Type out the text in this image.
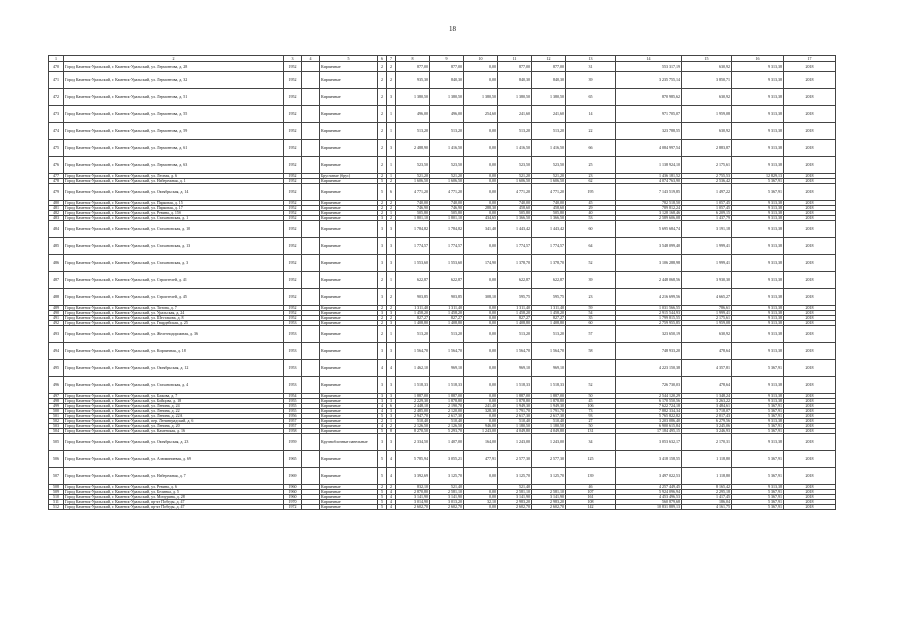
18
1	2	3	4	5	6	7	8	9	10	11	12	13	14	15	16	17
470	Город Каменск-Уральский, г. Каменск-Уральский, ул. Лермонтова, д. 28	1952		Кирпичные	2	2	877,00	877,00	0,00	877,00	877,00	31	553 317,19	630,92	9 313,38	2018
471	Город Каменск-Уральский, г. Каменск-Уральский, ул. Лермонтова, д. 32	1952		Кирпичные	2	2	935,30	840,30	0,00	840,30	840,30	39	3 235 755,14	3 850,71	9 313,38	2018
472	Город Каменск-Уральский, г. Каменск-Уральский, ул. Лермонтова, д. 51	1952		Кирпичные	2	3	1 380,50	1 380,50	1 380,50	1 380,50	1 380,50	65	870 985,62	630,92	9 313,38	2018
473	Город Каменск-Уральский, г. Каменск-Уральский, ул. Лермонтова, д. 55	1952		Кирпичные	2	1	496,00	496,00	254,60	241,60	241,60	14	971 705,07	1 959,08	9 313,38	2018
474	Город Каменск-Уральский, г. Каменск-Уральский, ул. Лермонтова, д. 59	1952		Кирпичные	2	1	513,20	513,20	0,00	513,20	513,20	22	323 788,55	630,92	9 313,38	2018
475	Город Каменск-Уральский, г. Каменск-Уральский, ул. Лермонтова, д. 61	1952		Кирпичные	2	3	2 488,90	1 416,50	0,00	1 416,50	1 416,50	66	4 084 997,54	2 883,87	9 313,38	2018
476	Город Каменск-Уральский, г. Каменск-Уральский, ул. Лермонтова, д. 63	1952		Кирпичные	2	1	523,50	523,50	0,00	523,50	523,50	25	1 138 924,10	2 175,61	9 313,38	2018
477	Город Каменск-Уральский, г. Каменск-Уральский, ул. Лесная, д. 6	1952		Брусчатые (брус)	2	1	521,20	521,20	0,00	521,20	521,20	23	1 436 181,52	2 755,53	12 829,13	2018
478	Город Каменск-Уральский, г. Каменск-Уральский, ул. Набережная, д. 1	1952		Кирпичные	5	2	1 606,50	1 606,50	0,00	1 606,50	1 606,50	62	4 074 763,90	2 536,42	5 367,91	2018
479	Город Каменск-Уральский, г. Каменск-Уральский, ул. Октябрьская, д. 14	1952		Кирпичные	5	6	4 771,20	4 771,20	0,00	4 771,20	4 771,20	195	7 143 519,85	1 497,22	5 367,91	2018
480	Город Каменск-Уральский, г. Каменск-Уральский, ул. Парковая, д. 15	1952		Кирпичные	2	2	740,00	740,00	0,00	740,00	740,00	45	782 518,50	1 057,45	9 313,38	2018
481	Город Каменск-Уральский, г. Каменск-Уральский, ул. Парковая, д. 17	1952		Кирпичные	2	2	746,90	746,90	288,30	458,60	458,60	29	789 812,24	1 057,45	9 313,38	2018
482	Город Каменск-Уральский, г. Каменск-Уральский, ул. Ревина, д. 15б	1952		Кирпичные	2	1	505,80	505,80	0,00	505,80	505,80	40	3 128 168,46	6 209,15	9 313,38	2018
483	Город Каменск-Уральский, г. Каменск-Уральский, ул. Стахановская, д. 1	1952		Кирпичные	3	2	1 801,10	1 801,10	434,65	1 366,50	1 366,50	53	2 589 606,08	1 437,79	9 313,38	2018
484	Город Каменск-Уральский, г. Каменск-Уральский, ул. Стахановская, д. 10	1952		Кирпичные	3	3	1 784,82	1 784,82	341,40	1 443,42	1 443,42	60	5 695 684,74	3 191,18	9 313,38	2018
485	Город Каменск-Уральский, г. Каменск-Уральский, ул. Стахановская, д. 13	1952		Кирпичные	3	3	1 774,57	1 774,57	0,00	1 774,57	1 774,57	64	3 548 099,40	1 999,41	9 313,38	2018
486	Город Каменск-Уральский, г. Каменск-Уральский, ул. Стахановская, д. 3	1952		Кирпичные	3	3	1 553,60	1 553,60	174,90	1 378,70	1 378,70	52	3 106 288,98	1 999,41	9 313,38	2018
487	Город Каменск-Уральский, г. Каменск-Уральский, ул. Строителей, д. 41	1952		Кирпичные	2	1	622,87	622,87	0,00	622,87	622,87	39	2 448 068,56	3 930,30	9 313,38	2018
488	Город Каменск-Уральский, г. Каменск-Уральский, ул. Строителей, д. 45	1952		Кирпичные	3	2	903,85	903,85	308,10	595,75	595,75	23	4 216 699,56	4 665,27	9 313,38	2018
489	Город Каменск-Уральский, г. Каменск-Уральский, ул. Титова, д. 7	1952		Кирпичные	2	2	1 311,40	1 311,40	0,00	1 311,40	1 311,40	59	1 031 566,55	786,61	9 313,38	2018
490	Город Каменск-Уральский, г. Каменск-Уральский, ул. Уральская, д. 24	1952		Кирпичные	3	3	1 458,20	1 458,20	0,00	1 458,20	1 458,20	54	2 915 544,93	1 999,41	9 313,38	2018
491	Город Каменск-Уральский, г. Каменск-Уральский, ул. Шестакова, д. 8	1952		Кирпичные	2	2	827,27	827,27	0,00	827,27	827,27	35	1 799 815,55	2 175,61	9 313,38	2018
492	Город Каменск-Уральский, г. Каменск-Уральский, ул. Гвардейская, д. 25	1953		Кирпичные	2	3	1 408,80	1 408,80	0,00	1 408,80	1 408,80	60	2 759 955,85	1 959,08	9 313,38	2018
493	Город Каменск-Уральский, г. Каменск-Уральский, ул. Железнодорожная, д. 36	1953		Кирпичные	2	1	513,20	513,20	0,00	513,20	513,20	57	323 650,19	630,92	9 313,38	2018
494	Город Каменск-Уральский, г. Каменск-Уральский, ул. Кирпичная, д. 18	1953		Кирпичные	3	3	1 564,70	1 564,70	0,00	1 564,70	1 564,70	58	748 933,20	478,64	9 313,38	2018
495	Город Каменск-Уральский, г. Каменск-Уральский, ул. Октябрьская, д. 12	1953		Кирпичные	4	4	1 462,10	969,10	0,00	969,10	969,10		4 223 150,38	4 357,81	5 367,91	2018
496	Город Каменск-Уральский, г. Каменск-Уральский, ул. Стахановская, д. 4	1953		Кирпичные	3	3	1 518,33	1 518,33	0,00	1 518,33	1 518,33	52	726 730,03	478,64	9 313,38	2018
497	Город Каменск-Уральский, г. Каменск-Уральский, ул. Бажова, д. 7	1954		Кирпичные	3	3	1 887,00	1 887,00	0,00	1 887,00	1 887,00	50	2 544 120,29	1 348,24	9 313,38	2018
498	Город Каменск-Уральский, г. Каменск-Уральский, ул. Бойцова, д. 18	1955		Кирпичные	3	3	2 229,30	1 878,80	0,00	1 878,80	1 878,80	45	6 170 550,56	3 263,22	9 313,38	2018
499	Город Каменск-Уральский, г. Каменск-Уральский, ул. Ленина, д. 24	1955		Кирпичные	4	6	2 448,10	2 190,70	241,40	1 949,30	1 949,30	106	7 622 724,18	3 484,61	5 367,91	2018
500	Город Каменск-Уральский, г. Каменск-Уральский, ул. Ленина, д. 22	1955		Кирпичные	4	3	2 485,00	2 120,00	328,30	1 791,70	1 791,70	73	7 882 334,34	3 718,07	5 367,91	2018
501	Город Каменск-Уральский, г. Каменск-Уральский, ул. Ленина, д. 22А	1956		Кирпичные	5	3	2 947,70	2 617,30	0,00	2 617,30	2 617,30	93	5 765 822,82	2 017,43	5 367,91	2018
502	Город Каменск-Уральский, г. Каменск-Уральский, пер. Ленинградский, д. 6	1957		Кирпичные	2	1	510,40	510,40	0,00	510,40	510,40	27	3 203 086,40	6 279,56	9 313,38	2018
503	Город Каменск-Уральский, г. Каменск-Уральский, ул. Ленина, д. 20	1957		Кирпичные	4	2	2 126,50	2 126,50	946,00	1 180,50	1 180,50	50	6 900 615,84	3 245,06	5 367,91	2018
504	Город Каменск-Уральский, г. Каменск-Уральский, ул. Каменская, д. 16	1958		Кирпичные	5	8	8 270,50	5 293,70	1 243,00	4 049,80	4 049,80	131	17 184 495,15	3 246,93	5 367,91	2018
505	Город Каменск-Уральский, г. Каменск-Уральский, ул. Октябрьская, д. 23	1959		Крупноблочные панельные	3	3	2 334,50	1 407,00	164,00	1 243,00	1 243,00	34	3 053 632,17	2 170,31	9 313,38	2018
506	Город Каменск-Уральский, г. Каменск-Уральский, ул. Алюминиевая, д. 69	1965		Кирпичные	5	4	5 785,94	3 055,21	477,91	2 577,30	2 577,30	125	3 418 158,55	1 118,80	5 367,91	2018
507	Город Каменск-Уральский, г. Каменск-Уральский, ул. Набережная, д. 7	1969		Кирпичные	5	4	3 392,69	3 125,70	0,00	3 125,70	3 125,70	139	3 497 022,53	1 118,80	5 367,91	2018
508	Город Каменск-Уральский, г. Каменск-Уральский, ул. Ревина, д. 6	1960		Кирпичные	2	2	832,10	521,40		521,40		46	4 257 449,45	8 165,42	9 313,38	2018
509	Город Каменск-Уральский, г. Каменск-Уральский, ул. Белинка, д. 5	1960		Кирпичные	5	4	2 870,80	2 581,10	0,00	2 581,10	2 581,10	107	5 924 096,94	2 295,18	5 367,91	2018
510	Город Каменск-Уральский, г. Каменск-Уральский, ул. Мичурина, д. 28	1960		Кирпичные	5	4	3 141,90	3 141,90	0,00	3 141,90	3 141,90	161	4 453 496,53	1 417,45	5 367,91	2018
511	Город Каменск-Уральский, г. Каменск-Уральский, пр-кт Победы, д. 47	1970		Кирпичные	5	4	3 014,90	3 013,20	32,10	2 983,20	2 983,20	108	560 879,68	186,04	5 367,91	2018
512	Город Каменск-Уральский, г. Каменск-Уральский, пр-кт Победы, д. 47	1972		Кирпичные	5	4	2 602,70	2 602,70	0,00	2 602,70	2 602,70	142	10 831 889,13	4 161,75	5 367,91	2018
